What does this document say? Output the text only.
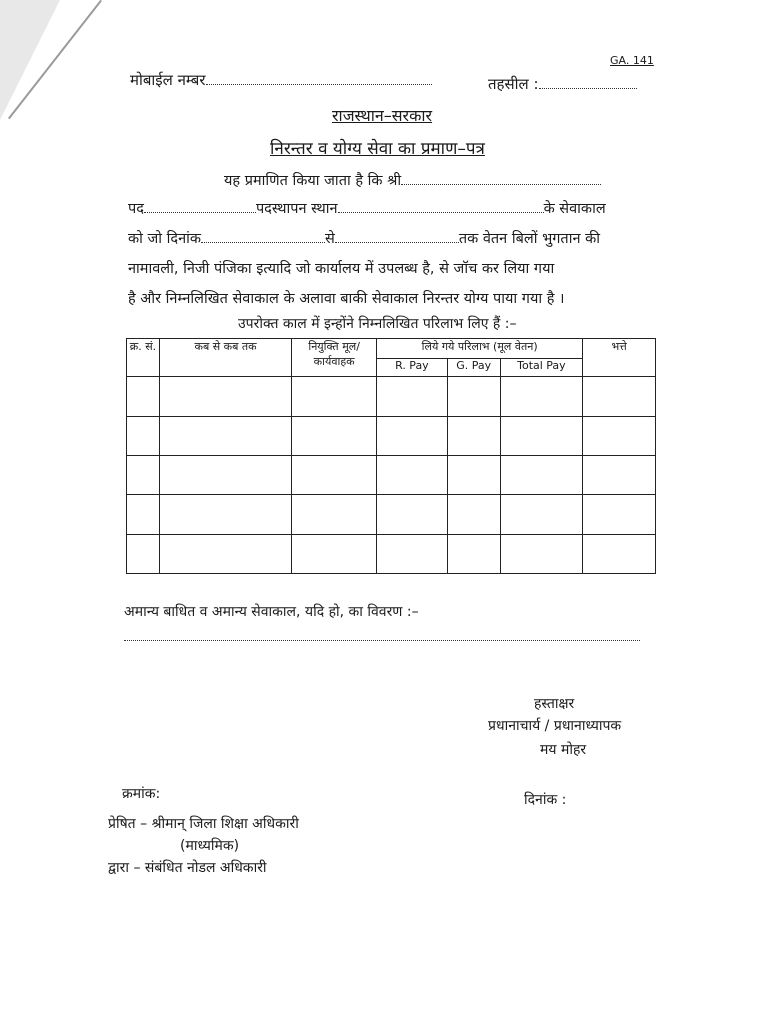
GA. 141
मोबाईल नम्बर	तहसील :
राजस्थान–सरकार
निरन्तर व योग्य सेवा का प्रमाण–पत्र
यह प्रमाणित किया जाता है कि श्री
पद	पदस्थापन स्थान	के सेवाकाल
को जो दिनांक	से	तक वेतन बिलों भुगतान की
नामावली, निजी पंजिका इत्यादि जो कार्यालय में उपलब्ध है, से जॉच कर लिया गया
है और निम्नलिखित सेवाकाल के अलावा बाकी सेवाकाल निरन्तर योग्य पाया गया है ।
उपरोक्त काल में इन्होंने निम्नलिखित परिलाभ लिए हैं :–
क्र. सं.	कब से कब तक	नियुक्ति मूल/ कार्यवाहक	लिये गये परिलाभ (मूल वेतन)			भत्ते
			R. Pay	G. Pay	Total Pay	

अमान्य बाधित व अमान्य सेवाकाल, यदि हो, का विवरण :–
हस्ताक्षर
प्रधानाचार्य / प्रधानाध्यापक
मय मोहर
क्रमांक:	दिनांक :
प्रेषित – श्रीमान् जिला शिक्षा अधिकारी
(माध्यमिक)
द्वारा – संबंधित नोडल अधिकारी
